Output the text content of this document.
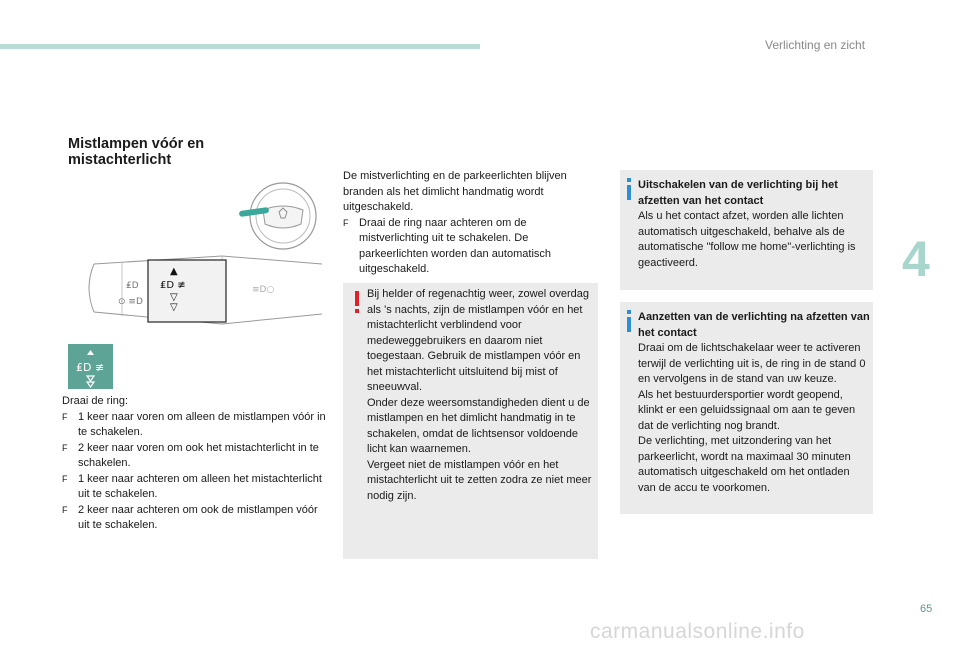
Verlichting en zicht
4
65
Mistlampen vóór en mistachterlicht
₤D
⊙ ≡D
₤D ≢
▲
▽
▽
≡D○
₤D ≢

Draai de ring:

F 1 keer naar voren om alleen de mistlampen vóór in te schakelen.
F 2 keer naar voren om ook het mistachterlicht in te schakelen.
F 1 keer naar achteren om alleen het mistachterlicht uit te schakelen.
F 2 keer naar achteren om ook de mistlampen vóór uit te schakelen.

De mistverlichting en de parkeerlichten blijven branden als het dimlicht handmatig wordt uitgeschakeld.

F Draai de ring naar achteren om de mistverlichting uit te schakelen. De parkeerlichten worden dan automatisch uitgeschakeld.

Bij helder of regenachtig weer, zowel overdag als 's nachts, zijn de mistlampen vóór en het mistachterlicht verblindend voor medeweggebruikers en daarom niet toegestaan. Gebruik de mistlampen vóór en het mistachterlicht uitsluitend bij mist of sneeuwval.

Onder deze weersomstandigheden dient u de mistlampen en het dimlicht handmatig in te schakelen, omdat de lichtsensor voldoende licht kan waarnemen.

Vergeet niet de mistlampen vóór en het mistachterlicht uit te zetten zodra ze niet meer nodig zijn.

Uitschakelen van de verlichting bij het afzetten van het contact

Als u het contact afzet, worden alle lichten automatisch uitgeschakeld, behalve als de automatische "follow me home"-verlichting is geactiveerd.

Aanzetten van de verlichting na afzetten van het contact

Draai om de lichtschakelaar weer te activeren terwijl de verlichting uit is, de ring in de stand 0 en vervolgens in de stand van uw keuze.

Als het bestuurdersportier wordt geopend, klinkt er een geluidssignaal om aan te geven dat de verlichting nog brandt.

De verlichting, met uitzondering van het parkeerlicht, wordt na maximaal 30 minuten automatisch uitgeschakeld om het ontladen van de accu te voorkomen.

carmanualsonline.info
